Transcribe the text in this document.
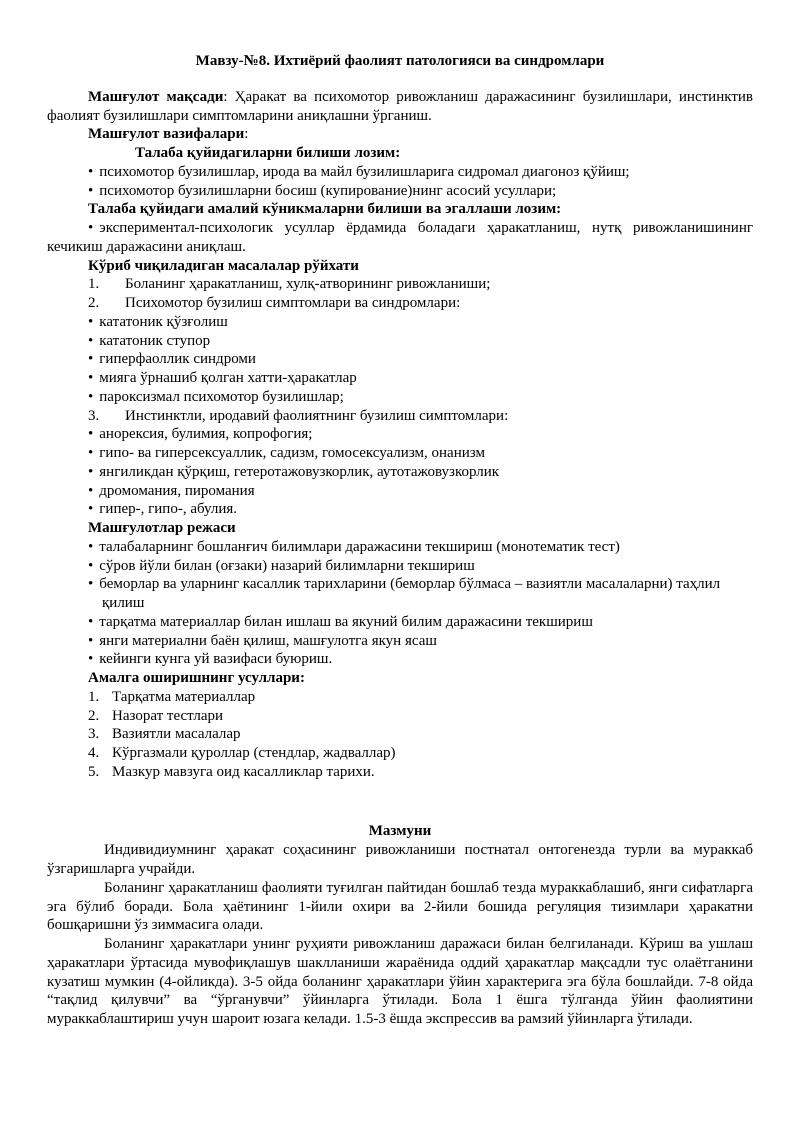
Мавзу-№8. Ихтиёрий фаолият патологияси ва синдромлари

Машғулот мақсади: Ҳаракат ва психомотор ривожланиш даражасининг бузилишлари, инстинктив фаолият бузилишлари симптомларини аниқлашни ўрганиш.

Машғулот вазифалари:

Талаба қуйидагиларни билиши лозим:
• психомотор бузилишлар, ирода ва майл бузилишларига сидромал диагоноз қўйиш;
• психомотор бузилишларни босиш (купирование)нинг асосий усуллари;
Талаба қуйидаги амалий кўникмаларни билиши ва эгаллаши лозим:
• экспериментал-психологик усуллар ёрдамида боладаги ҳаракатланиш, нутқ ривожланишининг кечикиш даражасини аниқлаш.
Кўриб чиқиладиган масалалар рўйхати
1. Боланинг ҳаракатланиш, хулқ-атворининг ривожланиши;
2. Психомотор бузилиш симптомлари ва синдромлари:
• кататоник қўзғолиш
• кататоник ступор
• гиперфаоллик синдроми
• мияга ўрнашиб қолган хатти-ҳаракатлар
• пароксизмал психомотор бузилишлар;
3. Инстинктли, иродавий фаолиятнинг бузилиш симптомлари:
• анорексия, булимия, копрофогия;
• гипо- ва гиперсексуаллик, садизм, гомосексуализм, онанизм
• янгиликдан қўрқиш, гетеротажовузкорлик, аутотажовузкорлик
• дромомания, пиромания
• гипер-, гипо-, абулия.
Машғулотлар режаси
• талабаларнинг бошланғич билимлари даражасини текшириш (монотематик тест)
• сўров йўли билан (оғзаки) назарий билимларни текшириш
• беморлар ва уларнинг касаллик тарихларини (беморлар бўлмаса – вазиятли масалаларни) таҳлил қилиш
• тарқатма материаллар билан ишлаш ва якуний билим даражасини текшириш
• янги материални баён қилиш, машғулотга якун ясаш
• кейинги кунга уй вазифаси буюриш.
Амалга оширишнинг усуллари:
1. Тарқатма материаллар
2. Назорат тестлари
3. Вазиятли масалалар
4. Кўргазмали қуроллар (стендлар, жадваллар)
5. Мазкур мавзуга оид касалликлар тарихи.
Мазмуни

Индивидиумнинг ҳаракат соҳасининг ривожланиши постнатал онтогенезда турли ва мураккаб ўзгаришларга учрайди.

Боланинг ҳаракатланиш фаолияти туғилган пайтидан бошлаб тезда мураккаблашиб, янги сифатларга эга бўлиб боради. Бола ҳаётининг 1-йили охири ва 2-йили бошида регуляция тизимлари ҳаракатни бошқаришни ўз зиммасига олади.

Боланинг ҳаракатлари унинг руҳияти ривожланиш даражаси билан белгиланади. Кўриш ва ушлаш ҳаракатлари ўртасида мувофиқлашув шаклланиши жараёнида оддий ҳаракатлар мақсадли тус олаётганини кузатиш мумкин (4-ойликда). 3-5 ойда боланинг ҳаракатлари ўйин характерига эга бўла бошлайди. 7-8 ойда “тақлид қилувчи” ва “ўрганувчи” ўйинларга ўтилади. Бола 1 ёшга тўлганда ўйин фаолиятини мураккаблаштириш учун шароит юзага келади. 1.5-3 ёшда экспрессив ва рамзий ўйинларга ўтилади.
